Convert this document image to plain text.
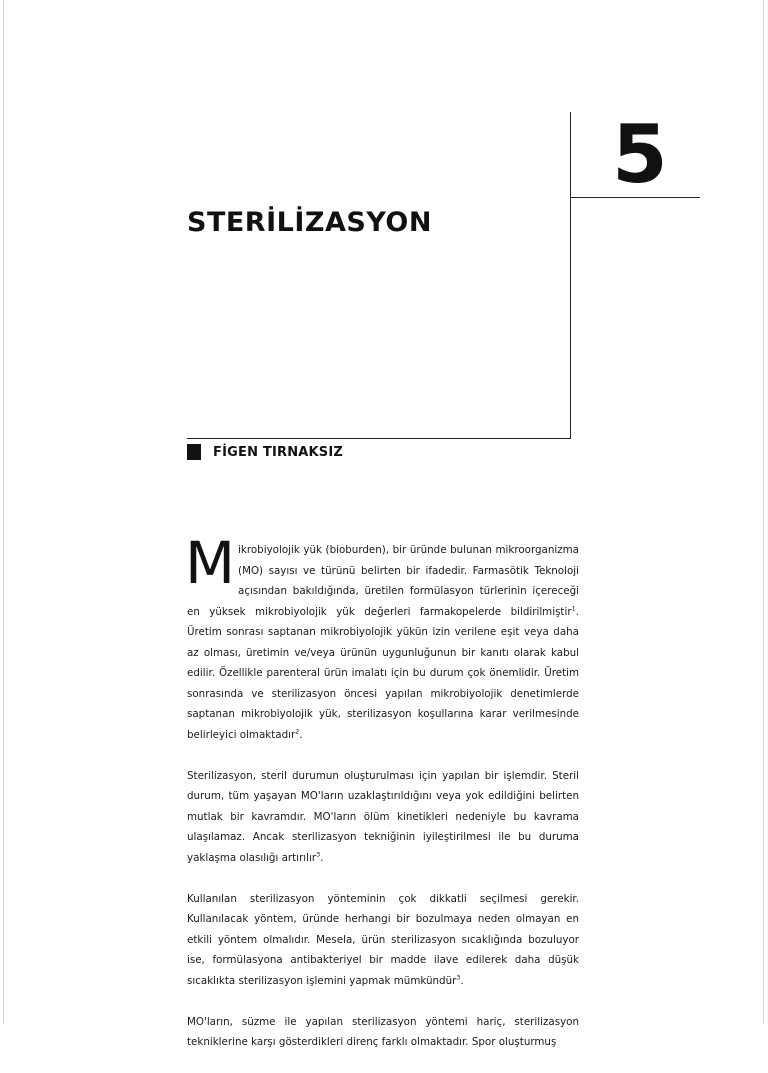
5
STERİLİZASYON
FİGEN TIRNAKSIZ

Mikrobiyolojik yük (bioburden), bir üründe bulunan mikroorganizma (MO) sayısı ve türünü belirten bir ifadedir. Farmasötik Teknoloji açısından bakıldığında, üretilen formülasyon türlerinin içereceği en yüksek mikrobiyolojik yük değerleri farmakopelerde bildirilmiştir$^1$. Üretim sonrası saptanan mikrobiyolojik yükün izin verilene eşit veya daha az olması, üretimin ve/veya ürünün uygunluğunun bir kanıtı olarak kabul edilir. Özellikle parenteral ürün imalatı için bu durum çok önemlidir. Üretim sonrasında ve sterilizasyon öncesi yapılan mikrobiyolojik denetimlerde saptanan mikrobiyolojik yük, sterilizasyon koşullarına karar verilmesinde belirleyici olmaktadır$^2$.

Sterilizasyon, steril durumun oluşturulması için yapılan bir işlemdir. Steril durum, tüm yaşayan MO'ların uzaklaştırıldığını veya yok edildiğini belirten mutlak bir kavramdır. MO'ların ölüm kinetikleri nedeniyle bu kavrama ulaşılamaz. Ancak sterilizasyon tekniğinin iyileştirilmesi ile bu duruma yaklaşma olasılığı artırılır$^3$.

Kullanılan sterilizasyon yönteminin çok dikkatli seçilmesi gerekir. Kullanılacak yöntem, üründe herhangi bir bozulmaya neden olmayan en etkili yöntem olmalıdır. Mesela, ürün sterilizasyon sıcaklığında bozuluyor ise, formülasyona antibakteriyel bir madde ilave edilerek daha düşük sıcaklıkta sterilizasyon işlemini yapmak mümkündür$^3$.

MO'ların, süzme ile yapılan sterilizasyon yöntemi hariç, sterilizasyon tekniklerine karşı gösterdikleri direnç farklı olmaktadır. Spor oluşturmuş
